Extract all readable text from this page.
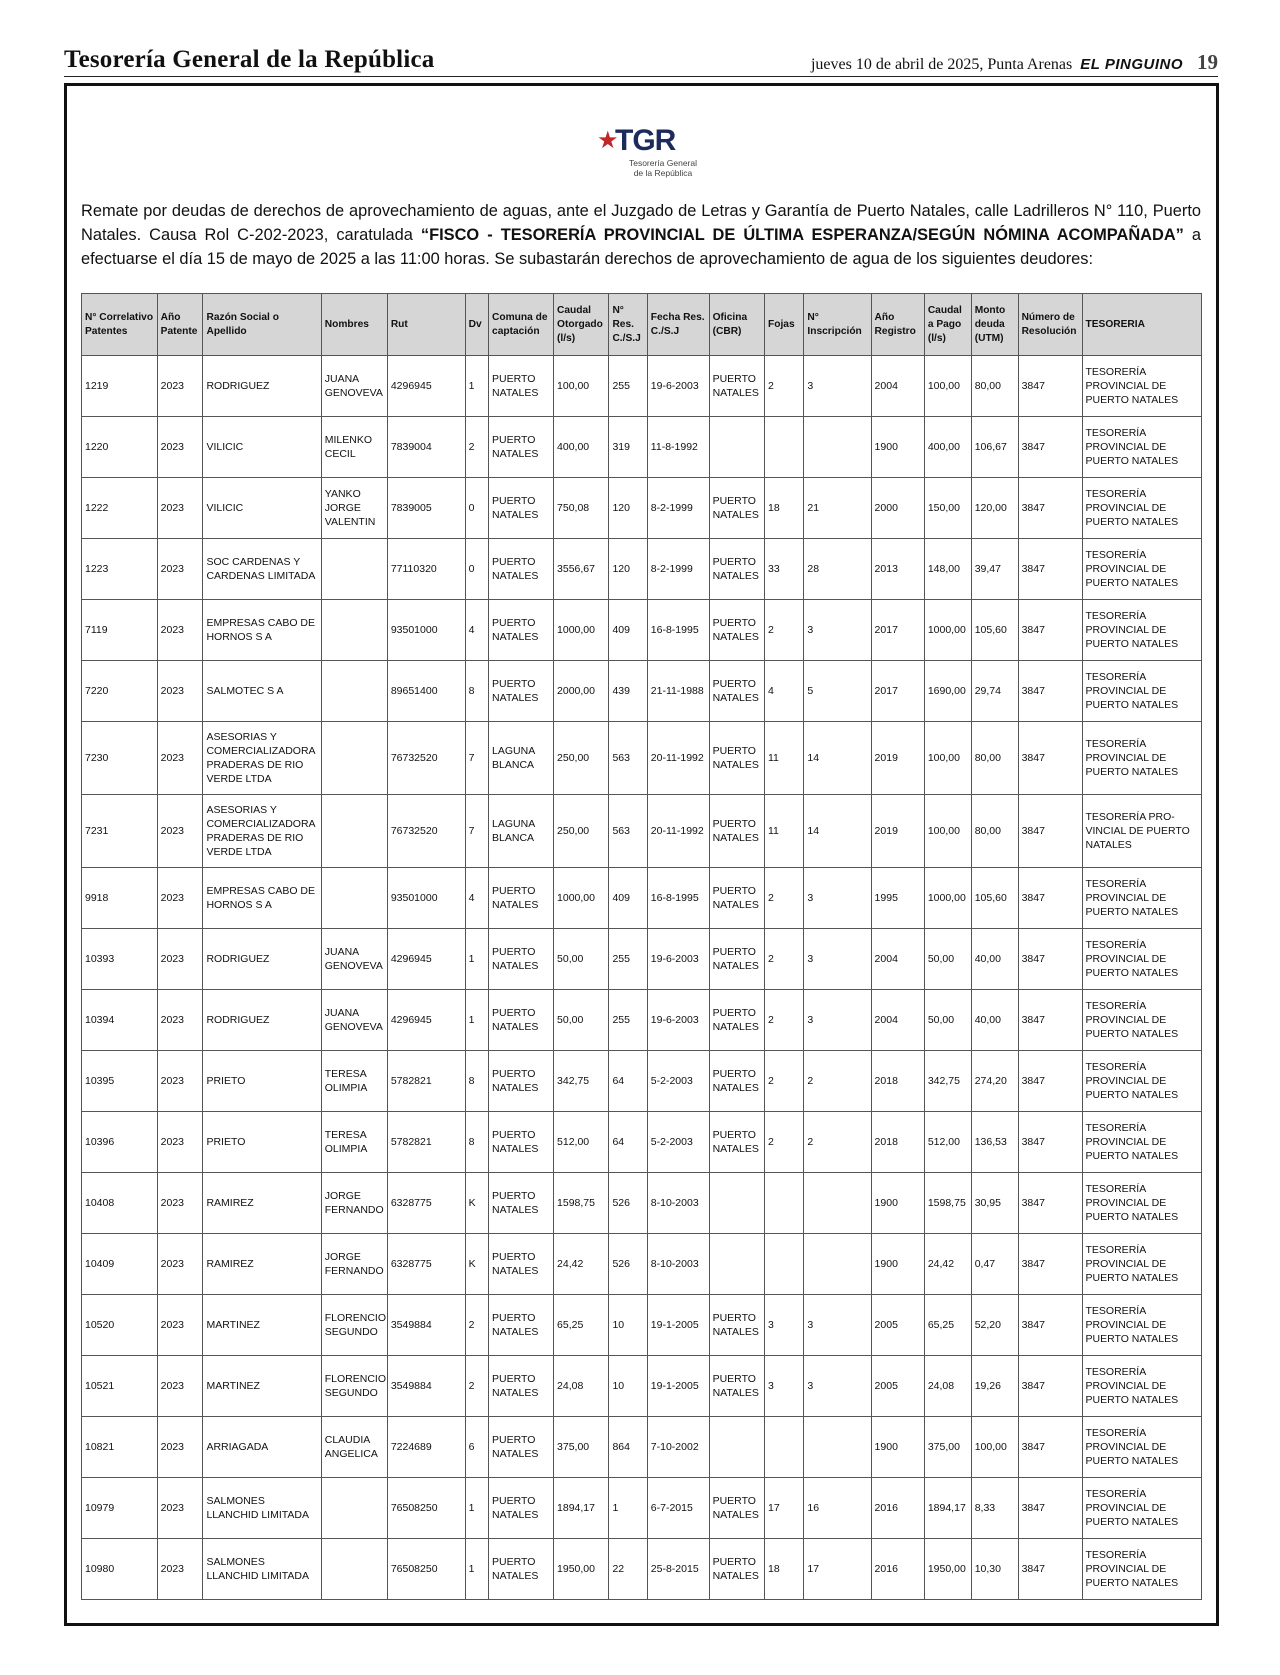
Tesorería General de la República	jueves 10 de abril de 2025, Punta Arenas EL PINGUINO 19
★
TGR
Tesorería General
de la República
Remate por deudas de derechos de aprovechamiento de aguas, ante el Juzgado de Letras y Garantía de Puerto Natales, calle Ladrilleros N° 110, Puerto Natales. Causa Rol C-202-2023, caratulada “FISCO - TESORERÍA PROVINCIAL DE ÚLTIMA ESPERANZA/SEGÚN NÓMINA ACOMPAÑADA” a efectuarse el día 15 de mayo de 2025 a las 11:00 horas. Se subastarán derechos de aprovechamiento de agua de los siguientes deudores:
N° Correlativo Patentes	Año Patente	Razón Social o Apellido	Nombres	Rut	Dv	Comuna de captación	Caudal Otorgado (l/s)	N° Res. C./S.J	Fecha Res. C./S.J	Oficina (CBR)	Fojas	N° Inscripción	Año Registro	Caudal a Pago (l/s)	Monto deuda (UTM)	Número de Resolución	TESORERIA
1219	2023	RODRIGUEZ	JUANA GENOVEVA	4296945	1	PUERTO NATALES	100,00	255	19-6-2003	PUERTO NATALES	2	3	2004	100,00	80,00	3847	TESORERÍA PROVINCIAL DE PUERTO NATALES
1220	2023	VILICIC	MILENKO CECIL	7839004	2	PUERTO NATALES	400,00	319	11-8-1992				1900	400,00	106,67	3847	TESORERÍA PROVINCIAL DE PUERTO NATALES
1222	2023	VILICIC	YANKO JORGE VALENTIN	7839005	0	PUERTO NATALES	750,08	120	8-2-1999	PUERTO NATALES	18	21	2000	150,00	120,00	3847	TESORERÍA PROVINCIAL DE PUERTO NATALES
1223	2023	SOC CARDENAS Y CARDENAS LIMITADA		77110320	0	PUERTO NATALES	3556,67	120	8-2-1999	PUERTO NATALES	33	28	2013	148,00	39,47	3847	TESORERÍA PROVINCIAL DE PUERTO NATALES
7119	2023	EMPRESAS CABO DE HORNOS S A		93501000	4	PUERTO NATALES	1000,00	409	16-8-1995	PUERTO NATALES	2	3	2017	1000,00	105,60	3847	TESORERÍA PROVINCIAL DE PUERTO NATALES
7220	2023	SALMOTEC S A		89651400	8	PUERTO NATALES	2000,00	439	21-11-1988	PUERTO NATALES	4	5	2017	1690,00	29,74	3847	TESORERÍA PROVINCIAL DE PUERTO NATALES
7230	2023	ASESORIAS Y COMERCIALIZADORA PRADERAS DE RIO VERDE LTDA		76732520	7	LAGUNA BLANCA	250,00	563	20-11-1992	PUERTO NATALES	11	14	2019	100,00	80,00	3847	TESORERÍA PROVINCIAL DE PUERTO NATALES
7231	2023	ASESORIAS Y COMERCIALIZADORA PRADERAS DE RIO VERDE LTDA		76732520	7	LAGUNA BLANCA	250,00	563	20-11-1992	PUERTO NATALES	11	14	2019	100,00	80,00	3847	TESORERÍA PRO-VINCIAL DE PUERTO NATALES
9918	2023	EMPRESAS CABO DE HORNOS S A		93501000	4	PUERTO NATALES	1000,00	409	16-8-1995	PUERTO NATALES	2	3	1995	1000,00	105,60	3847	TESORERÍA PROVINCIAL DE PUERTO NATALES
10393	2023	RODRIGUEZ	JUANA GENOVEVA	4296945	1	PUERTO NATALES	50,00	255	19-6-2003	PUERTO NATALES	2	3	2004	50,00	40,00	3847	TESORERÍA PROVINCIAL DE PUERTO NATALES
10394	2023	RODRIGUEZ	JUANA GENOVEVA	4296945	1	PUERTO NATALES	50,00	255	19-6-2003	PUERTO NATALES	2	3	2004	50,00	40,00	3847	TESORERÍA PROVINCIAL DE PUERTO NATALES
10395	2023	PRIETO	TERESA OLIMPIA	5782821	8	PUERTO NATALES	342,75	64	5-2-2003	PUERTO NATALES	2	2	2018	342,75	274,20	3847	TESORERÍA PROVINCIAL DE PUERTO NATALES
10396	2023	PRIETO	TERESA OLIMPIA	5782821	8	PUERTO NATALES	512,00	64	5-2-2003	PUERTO NATALES	2	2	2018	512,00	136,53	3847	TESORERÍA PROVINCIAL DE PUERTO NATALES
10408	2023	RAMIREZ	JORGE FERNANDO	6328775	K	PUERTO NATALES	1598,75	526	8-10-2003				1900	1598,75	30,95	3847	TESORERÍA PROVINCIAL DE PUERTO NATALES
10409	2023	RAMIREZ	JORGE FERNANDO	6328775	K	PUERTO NATALES	24,42	526	8-10-2003				1900	24,42	0,47	3847	TESORERÍA PROVINCIAL DE PUERTO NATALES
10520	2023	MARTINEZ	FLORENCIO SEGUNDO	3549884	2	PUERTO NATALES	65,25	10	19-1-2005	PUERTO NATALES	3	3	2005	65,25	52,20	3847	TESORERÍA PROVINCIAL DE PUERTO NATALES
10521	2023	MARTINEZ	FLORENCIO SEGUNDO	3549884	2	PUERTO NATALES	24,08	10	19-1-2005	PUERTO NATALES	3	3	2005	24,08	19,26	3847	TESORERÍA PROVINCIAL DE PUERTO NATALES
10821	2023	ARRIAGADA	CLAUDIA ANGELICA	7224689	6	PUERTO NATALES	375,00	864	7-10-2002				1900	375,00	100,00	3847	TESORERÍA PROVINCIAL DE PUERTO NATALES
10979	2023	SALMONES LLANCHID LIMITADA		76508250	1	PUERTO NATALES	1894,17	1	6-7-2015	PUERTO NATALES	17	16	2016	1894,17	8,33	3847	TESORERÍA PROVINCIAL DE PUERTO NATALES
10980	2023	SALMONES LLANCHID LIMITADA		76508250	1	PUERTO NATALES	1950,00	22	25-8-2015	PUERTO NATALES	18	17	2016	1950,00	10,30	3847	TESORERÍA PROVINCIAL DE PUERTO NATALES
